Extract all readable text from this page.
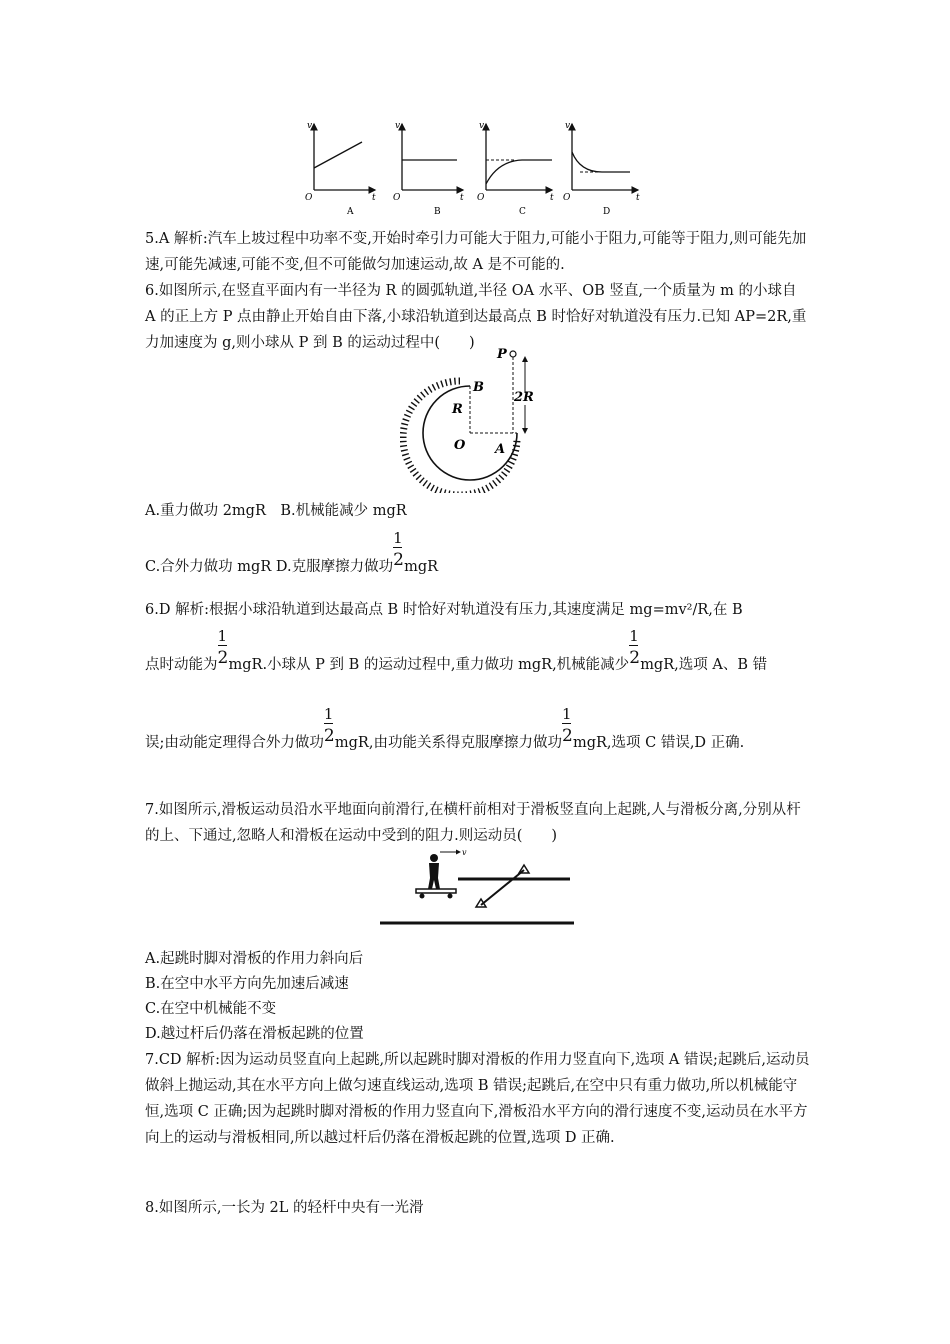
v
O	t
A
v
O	t
B
v
O	t
C
v
O	t
D

5.A 解析:汽车上坡过程中功率不变,开始时牵引力可能大于阻力,可能小于阻力,可能等于阻力,则可能先加速,可能先减速,可能不变,但不可能做匀加速运动,故 A 是不可能的.

6.如图所示,在竖直平面内有一半径为 R 的圆弧轨道,半径 OA 水平、OB 竖直,一个质量为 m 的小球自 A 的正上方 P 点由静止开始自由下落,小球沿轨道到达最高点 B 时恰好对轨道没有压力.已知 AP=2R,重力加速度为 g,则小球从 P 到 B 的运动过程中(　　)

P
B
R
2R
O A

A.重力做功 2mgR　B.机械能减少 mgR

C.合外力做功 mgR D.克服摩擦力做功 $\frac{1}{2}$ mgR

6.D 解析:根据小球沿轨道到达最高点 B 时恰好对轨道没有压力,其速度满足 mg=mv²/R,在 B

点时动能为 $\frac{1}{2}$ mgR.小球从 P 到 B 的运动过程中,重力做功 mgR,机械能减少 $\frac{1}{2}$ mgR,选项 A、B 错

误;由动能定理得合外力做功 $\frac{1}{2}$ mgR,由功能关系得克服摩擦力做功 $\frac{1}{2}$ mgR,选项 C 错误,D 正确.

7.如图所示,滑板运动员沿水平地面向前滑行,在横杆前相对于滑板竖直向上起跳,人与滑板分离,分别从杆的上、下通过,忽略人和滑板在运动中受到的阻力.则运动员(　　)

v

A.起跳时脚对滑板的作用力斜向后

B.在空中水平方向先加速后减速

C.在空中机械能不变

D.越过杆后仍落在滑板起跳的位置

7.CD 解析:因为运动员竖直向上起跳,所以起跳时脚对滑板的作用力竖直向下,选项 A 错误;起跳后,运动员做斜上抛运动,其在水平方向上做匀速直线运动,选项 B 错误;起跳后,在空中只有重力做功,所以机械能守恒,选项 C 正确;因为起跳时脚对滑板的作用力竖直向下,滑板沿水平方向的滑行速度不变,运动员在水平方向上的运动与滑板相同,所以越过杆后仍落在滑板起跳的位置,选项 D 正确.

8.如图所示,一长为 2L 的轻杆中央有一光滑
